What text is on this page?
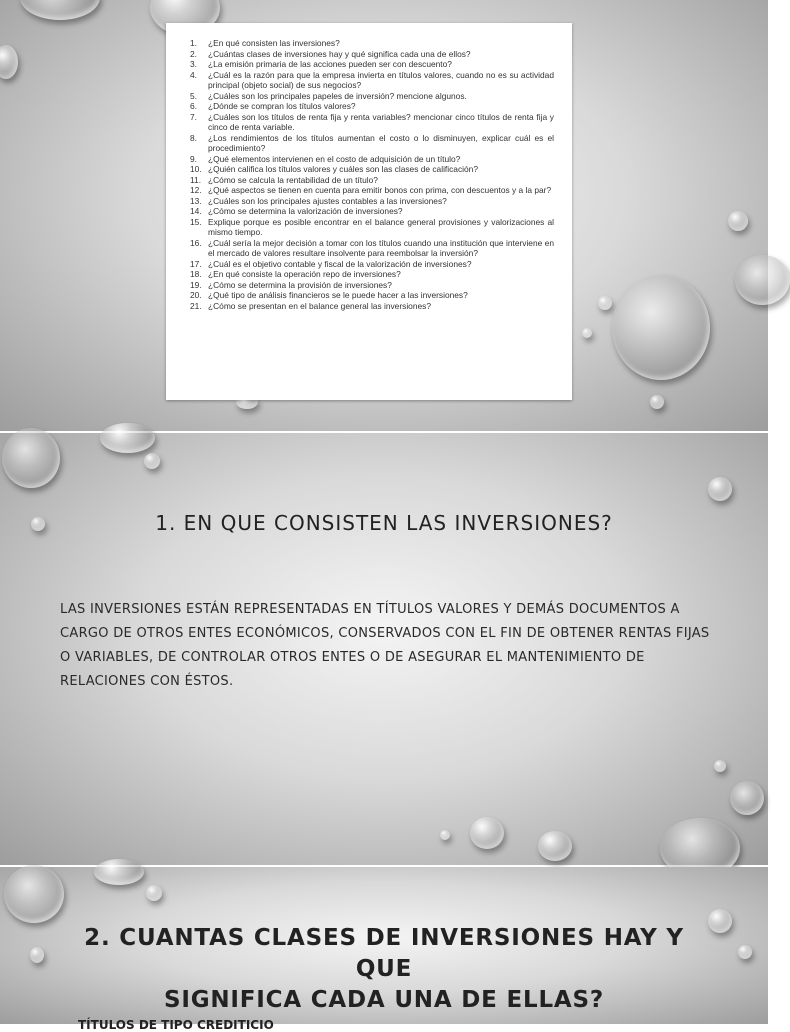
1.	¿En qué consisten las inversiones?
2.	¿Cuántas clases de inversiones hay y qué significa cada una de ellos?
3.	¿La emisión primaria de las acciones pueden ser con descuento?
4.	¿Cuál es la razón para que la empresa invierta en títulos valores, cuando no es su actividad principal (objeto social) de sus negocios?
5.	¿Cuáles son los principales papeles de inversión? mencione algunos.
6.	¿Dónde se compran los títulos valores?
7.	¿Cuáles son los títulos de renta fija y renta variables? mencionar cinco títulos de renta fija y cinco de renta variable.
8.	¿Los rendimientos de los títulos aumentan el costo o lo disminuyen, explicar cuál es el procedimiento?
9.	¿Qué elementos intervienen en el costo de adquisición de un título?
10. ¿Quién califica los títulos valores y cuáles son las clases de calificación?
11. ¿Cómo se calcula la rentabilidad de un título?
12. ¿Qué aspectos se tienen en cuenta para emitir bonos con prima, con descuentos y a la par?
13. ¿Cuáles son los principales ajustes contables a las inversiones?
14. ¿Cómo se determina la valorización de inversiones?
15. Explique porque es posible encontrar en el balance general provisiones y valorizaciones al mismo tiempo.
16. ¿Cuál sería la mejor decisión a tomar con los títulos cuando una institución que interviene en el mercado de valores resultare insolvente para reembolsar la inversión?
17. ¿Cuál es el objetivo contable y fiscal de la valorización de inversiones?
18. ¿En qué consiste la operación repo de inversiones?
19. ¿Cómo se determina la provisión de inversiones?
20. ¿Qué tipo de análisis financieros se le puede hacer a las inversiones?
21. ¿Cómo se presentan en el balance general las inversiones?
1. EN QUE CONSISTEN LAS INVERSIONES?
LAS INVERSIONES ESTÁN REPRESENTADAS EN TÍTULOS VALORES Y DEMÁS DOCUMENTOS A CARGO DE OTROS ENTES ECONÓMICOS, CONSERVADOS CON EL FIN DE OBTENER RENTAS FIJAS O VARIABLES, DE CONTROLAR OTROS ENTES O DE ASEGURAR EL MANTENIMIENTO DE RELACIONES CON ÉSTOS.
2. CUANTAS CLASES DE INVERSIONES HAY Y QUE
SIGNIFICA CADA UNA DE ELLAS?
TÍTULOS DE TIPO CREDITICIO
